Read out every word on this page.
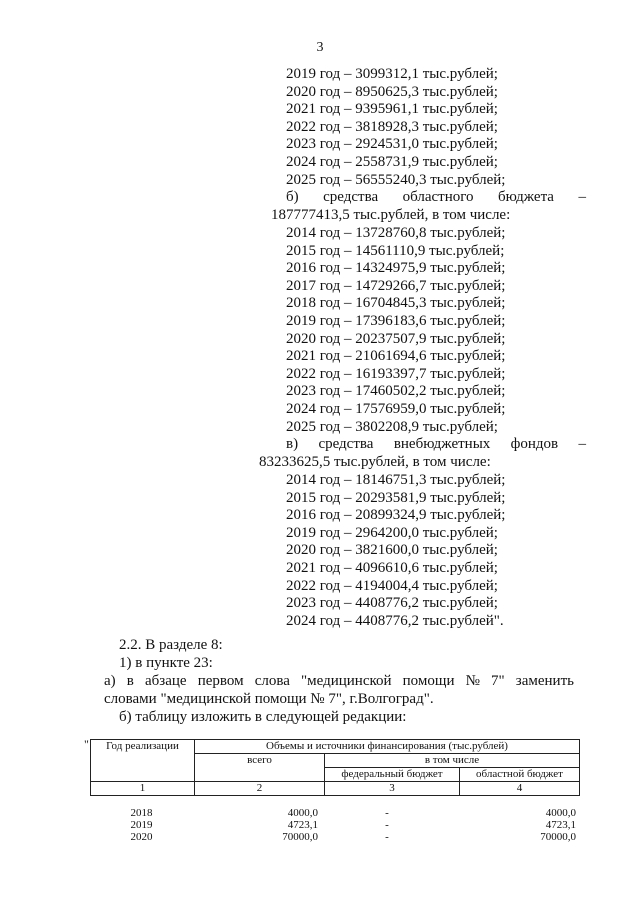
3
2019 год – 3099312,1 тыс.рублей;
2020 год – 8950625,3 тыс.рублей;
2021 год – 9395961,1 тыс.рублей;
2022 год – 3818928,3 тыс.рублей;
2023 год – 2924531,0 тыс.рублей;
2024 год – 2558731,9 тыс.рублей;
2025 год – 56555240,3 тыс.рублей;
б) средства областного бюджета –
187777413,5 тыс.рублей, в том числе:
2014 год – 13728760,8 тыс.рублей;
2015 год – 14561110,9 тыс.рублей;
2016 год – 14324975,9 тыс.рублей;
2017 год – 14729266,7 тыс.рублей;
2018 год – 16704845,3 тыс.рублей;
2019 год – 17396183,6 тыс.рублей;
2020 год – 20237507,9 тыс.рублей;
2021 год – 21061694,6 тыс.рублей;
2022 год – 16193397,7 тыс.рублей;
2023 год – 17460502,2 тыс.рублей;
2024 год – 17576959,0 тыс.рублей;
2025 год – 3802208,9 тыс.рублей;
в) средства внебюджетных фондов –
83233625,5 тыс.рублей, в том числе:
2014 год – 18146751,3 тыс.рублей;
2015 год – 20293581,9 тыс.рублей;
2016 год – 20899324,9 тыс.рублей;
2019 год – 2964200,0 тыс.рублей;
2020 год – 3821600,0 тыс.рублей;
2021 год – 4096610,6 тыс.рублей;
2022 год – 4194004,4 тыс.рублей;
2023 год – 4408776,2 тыс.рублей;
2024 год – 4408776,2 тыс.рублей".
2.2. В разделе 8:
1) в пункте 23:
а) в абзаце первом слова "медицинской помощи № 7" заменить
словами "медицинской помощи № 7", г.Волгоград".
б) таблицу изложить в следующей редакции:
" Год реализации	Объемы и источники финансирования (тыс.рублей)		
	всего	в том числе	
		федеральный бюджет	областной бюджет
1	2	3	4
2018	4000,0	-	4000,0
2019	4723,1	-	4723,1
2020	70000,0	-	70000,0
